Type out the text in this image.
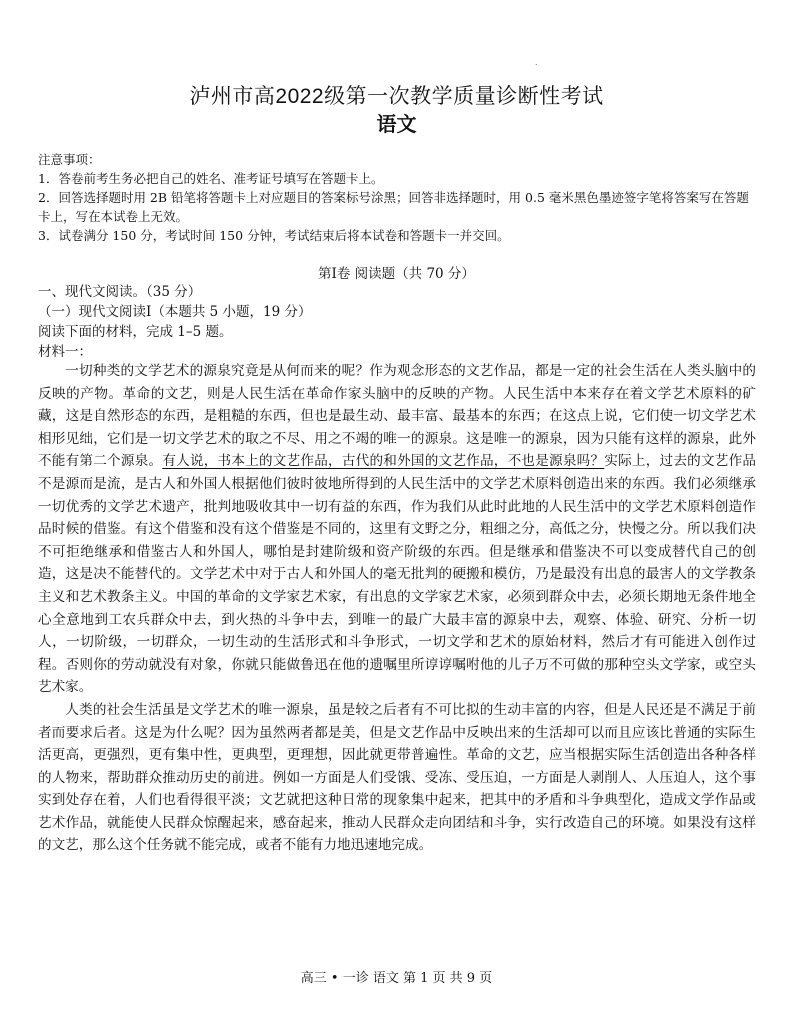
.
泸州市高2022级第一次教学质量诊断性考试
语文

注意事项：

1．答卷前考生务必把自己的姓名、准考证号填写在答题卡上。

2．回答选择题时用 2B 铅笔将答题卡上对应题目的答案标号涂黑；回答非选择题时，用 0.5 毫米黑色墨迹签字笔将答案写在答题卡上，写在本试卷上无效。

3．试卷满分 150 分，考试时间 150 分钟，考试结束后将本试卷和答题卡一并交回。

第Ⅰ卷 阅读题（共 70 分）

一、现代文阅读。（35 分）

（一）现代文阅读Ⅰ（本题共 5 小题，19 分）

阅读下面的材料，完成 1–5 题。

材料一：

一切种类的文学艺术的源泉究竟是从何而来的呢？作为观念形态的文艺作品，都是一定的社会生活在人类头脑中的反映的产物。革命的文艺，则是人民生活在革命作家头脑中的反映的产物。人民生活中本来存在着文学艺术原料的矿藏，这是自然形态的东西，是粗糙的东西，但也是最生动、最丰富、最基本的东西；在这点上说，它们使一切文学艺术相形见绌，它们是一切文学艺术的取之不尽、用之不竭的唯一的源泉。这是唯一的源泉，因为只能有这样的源泉，此外不能有第二个源泉。有人说，书本上的文艺作品，古代的和外国的文艺作品，不也是源泉吗？实际上，过去的文艺作品不是源而是流，是古人和外国人根据他们彼时彼地所得到的人民生活中的文学艺术原料创造出来的东西。我们必须继承一切优秀的文学艺术遗产，批判地吸收其中一切有益的东西，作为我们从此时此地的人民生活中的文学艺术原料创造作品时候的借鉴。有这个借鉴和没有这个借鉴是不同的，这里有文野之分，粗细之分，高低之分，快慢之分。所以我们决不可拒绝继承和借鉴古人和外国人，哪怕是封建阶级和资产阶级的东西。但是继承和借鉴决不可以变成替代自己的创造，这是决不能替代的。文学艺术中对于古人和外国人的毫无批判的硬搬和模仿，乃是最没有出息的最害人的文学教条主义和艺术教条主义。中国的革命的文学家艺术家，有出息的文学家艺术家，必须到群众中去，必须长期地无条件地全心全意地到工农兵群众中去，到火热的斗争中去，到唯一的最广大最丰富的源泉中去，观察、体验、研究、分析一切人，一切阶级，一切群众，一切生动的生活形式和斗争形式，一切文学和艺术的原始材料，然后才有可能进入创作过程。否则你的劳动就没有对象，你就只能做鲁迅在他的遗嘱里所谆谆嘱咐他的儿子万不可做的那种空头文学家，或空头艺术家。

人类的社会生活虽是文学艺术的唯一源泉，虽是较之后者有不可比拟的生动丰富的内容，但是人民还是不满足于前者而要求后者。这是为什么呢？因为虽然两者都是美，但是文艺作品中反映出来的生活却可以而且应该比普通的实际生活更高，更强烈，更有集中性，更典型，更理想，因此就更带普遍性。革命的文艺，应当根据实际生活创造出各种各样的人物来，帮助群众推动历史的前进。例如一方面是人们受饿、受冻、受压迫，一方面是人剥削人、人压迫人，这个事实到处存在着，人们也看得很平淡；文艺就把这种日常的现象集中起来，把其中的矛盾和斗争典型化，造成文学作品或艺术作品，就能使人民群众惊醒起来，感奋起来，推动人民群众走向团结和斗争，实行改造自己的环境。如果没有这样的文艺，那么这个任务就不能完成，或者不能有力地迅速地完成。

高三 • 一诊 语文 第 1 页 共 9 页
